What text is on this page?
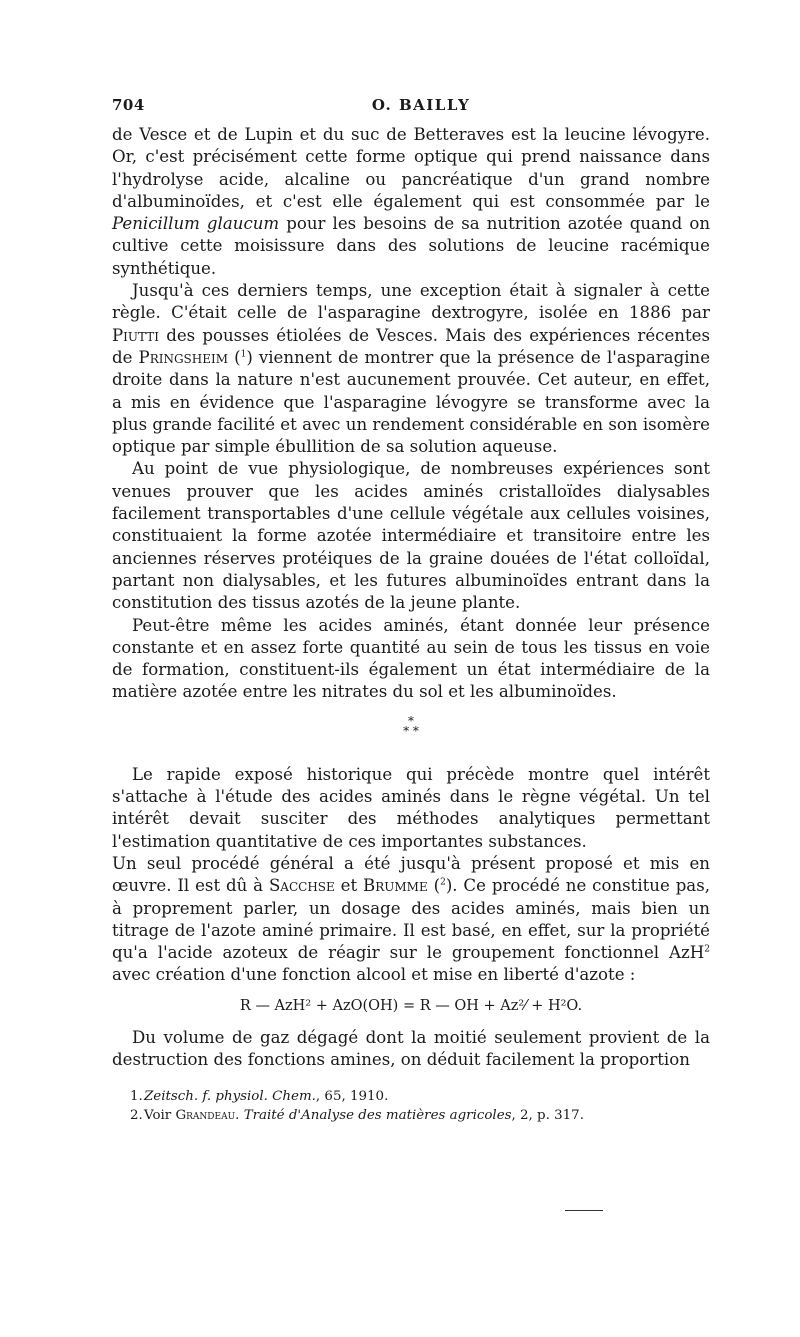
704	O. BAILLY

de Vesce et de Lupin et du suc de Betteraves est la leucine lévogyre. Or, c'est précisément cette forme optique qui prend naissance dans l'hydrolyse acide, alcaline ou pancréatique d'un grand nombre d'albuminoïdes, et c'est elle également qui est consommée par le Penicillum glaucum pour les besoins de sa nutrition azotée quand on cultive cette moisissure dans des solutions de leucine racémique synthétique.

Jusqu'à ces derniers temps, une exception était à signaler à cette règle. C'était celle de l'asparagine dextrogyre, isolée en 1886 par Piutti des pousses étiolées de Vesces. Mais des expériences récentes de Pringsheim ($^1$) viennent de montrer que la présence de l'asparagine droite dans la nature n'est aucunement prouvée. Cet auteur, en effet, a mis en évidence que l'asparagine lévogyre se transforme avec la plus grande facilité et avec un rendement considérable en son isomère optique par simple ébullition de sa solution aqueuse.

Au point de vue physiologique, de nombreuses expériences sont venues prouver que les acides aminés cristalloïdes dialysables facilement transportables d'une cellule végétale aux cellules voisines, constituaient la forme azotée intermédiaire et transitoire entre les anciennes réserves protéiques de la graine douées de l'état colloïdal, partant non dialysables, et les futures albuminoïdes entrant dans la constitution des tissus azotés de la jeune plante.

Peut-être même les acides aminés, étant donnée leur présence constante et en assez forte quantité au sein de tous les tissus en voie de formation, constituent-ils également un état intermédiaire de la matière azotée entre les nitrates du sol et les albuminoïdes.

*
* *

Le rapide exposé historique qui précède montre quel intérêt s'attache à l'étude des acides aminés dans le règne végétal. Un tel intérêt devait susciter des méthodes analytiques permettant l'estimation quantitative de ces importantes substances.

Un seul procédé général a été jusqu'à présent proposé et mis en œuvre. Il est dû à Sacchse et Brumme ($^2$). Ce procédé ne constitue pas, à proprement parler, un dosage des acides aminés, mais bien un titrage de l'azote aminé primaire. Il est basé, en effet, sur la propriété qu'a l'acide azoteux de réagir sur le groupement fonctionnel AzH$^2$ avec création d'une fonction alcool et mise en liberté d'azote :

R — AzH² + AzO(OH) = R — OH + Az²⁄ + H²O.

Du volume de gaz dégagé dont la moitié seulement provient de la destruction des fonctions amines, on déduit facilement la proportion

1.Zeitsch. f. physiol. Chem., 65, 1910.
2.Voir Grandeau. Traité d'Analyse des matières agricoles, 2, p. 317.
